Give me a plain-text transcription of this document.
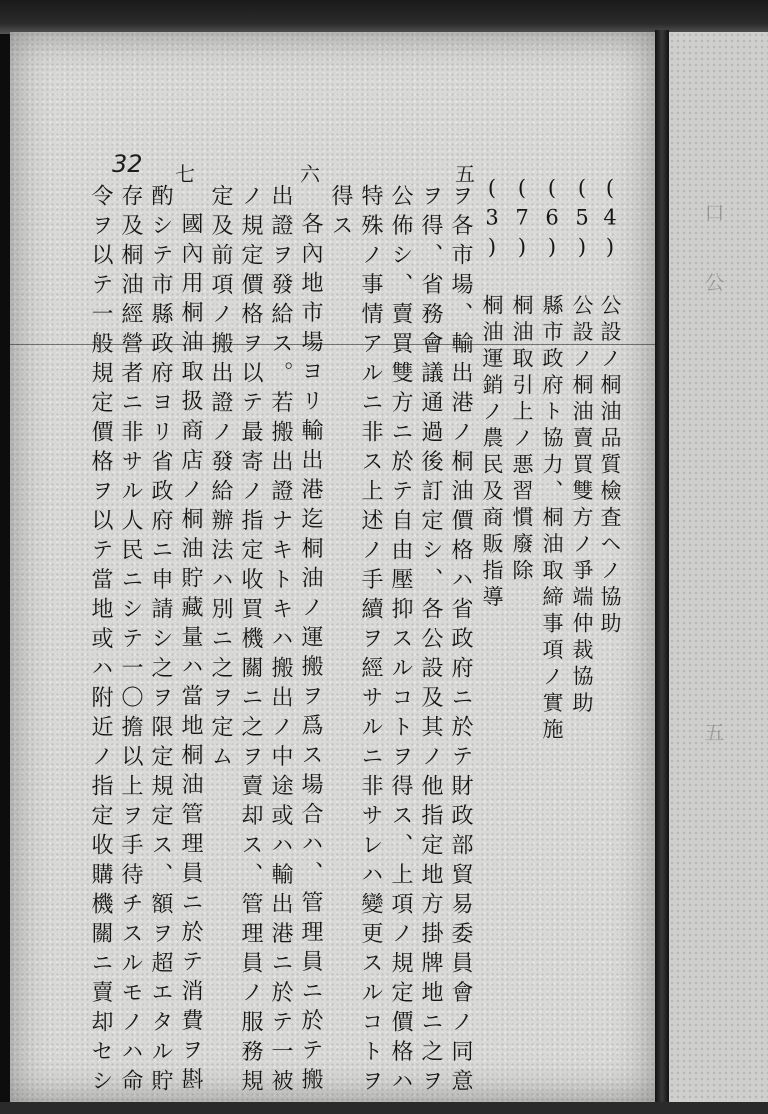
口
公
五
32 七	六	五
(4) 公設ノ桐油品質檢査ヘノ協助
(5) 公設ノ桐油賣買雙方ノ爭端仲裁協助
(6) 縣市政府ト協力、桐油取締事項ノ實施
(7) 桐油取引上ノ悪習慣廢除
(3) 桐油運銷ノ農民及商販指導
ヲ各市場、輸出港ノ桐油價格ハ省政府ニ於テ財政部貿易委員會ノ同意
ヲ得、省務會議通過後訂定シ、各公設及其ノ他指定地方掛牌地ニ之ヲ
公佈シ、賣買雙方ニ於テ自由壓抑スルコトヲ得ス、上項ノ規定價格ハ
特殊ノ事情アルニ非ス上述ノ手續ヲ經サルニ非サレハ變更スルコトヲ
得ス
各內地市場ヨリ輸出港迄桐油ノ運搬ヲ爲ス場合ハ、管理員ニ於テ搬
出證ヲ發給ス。若搬出證ナキトキハ搬出ノ中途或ハ輸出港ニ於テ一被
ノ規定價格ヲ以テ最寄ノ指定收買機關ニ之ヲ賣却ス、管理員ノ服務規
定及前項ノ搬出證ノ發給辦法ハ別ニ之ヲ定ム
國內用桐油取扱商店ノ桐油貯藏量ハ當地桐油管理員ニ於テ消費ヲ斟
酌シテ市縣政府ヨリ省政府ニ申請シ之ヲ限定規定ス、額ヲ超エタル貯
存及桐油經營者ニ非サル人民ニシテ一〇擔以上ヲ手待チスルモノハ命
令ヲ以テ一般規定價格ヲ以テ當地或ハ附近ノ指定收購機關ニ賣却セシ
